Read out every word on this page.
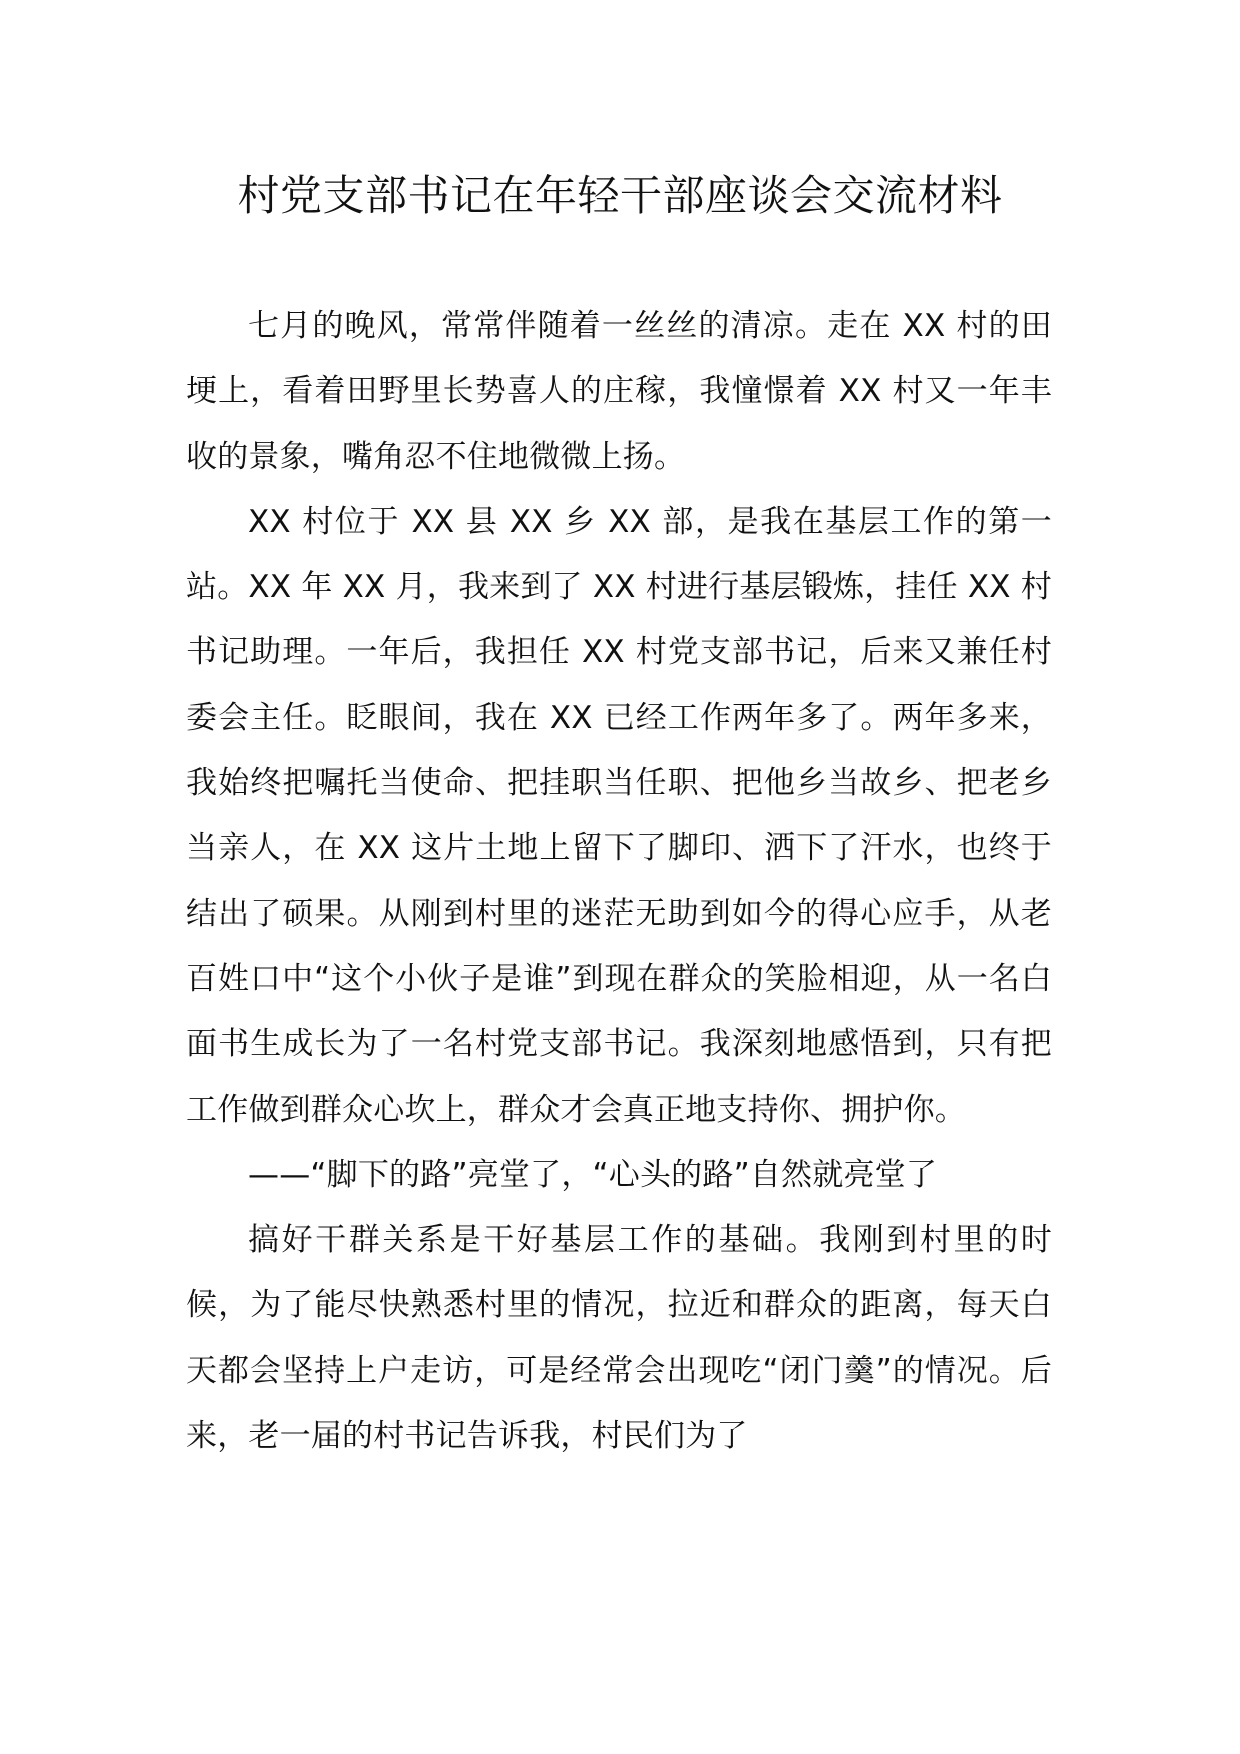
村党支部书记在年轻干部座谈会交流材料

七月的晚风，常常伴随着一丝丝的清凉。走在 XX 村的田埂上，看着田野里长势喜人的庄稼，我憧憬着 XX 村又一年丰收的景象，嘴角忍不住地微微上扬。

XX 村位于 XX 县 XX 乡 XX 部，是我在基层工作的第一站。XX 年 XX 月，我来到了 XX 村进行基层锻炼，挂任 XX 村书记助理。一年后，我担任 XX 村党支部书记，后来又兼任村委会主任。眨眼间，我在 XX 已经工作两年多了。两年多来，我始终把嘱托当使命、把挂职当任职、把他乡当故乡、把老乡当亲人，在 XX 这片土地上留下了脚印、洒下了汗水，也终于结出了硕果。从刚到村里的迷茫无助到如今的得心应手，从老百姓口中“这个小伙子是谁”到现在群众的笑脸相迎，从一名白面书生成长为了一名村党支部书记。我深刻地感悟到，只有把工作做到群众心坎上，群众才会真正地支持你、拥护你。

——“脚下的路”亮堂了，“心头的路”自然就亮堂了

搞好干群关系是干好基层工作的基础。我刚到村里的时候，为了能尽快熟悉村里的情况，拉近和群众的距离，每天白天都会坚持上户走访，可是经常会出现吃“闭门羹”的情况。后来，老一届的村书记告诉我，村民们为了
